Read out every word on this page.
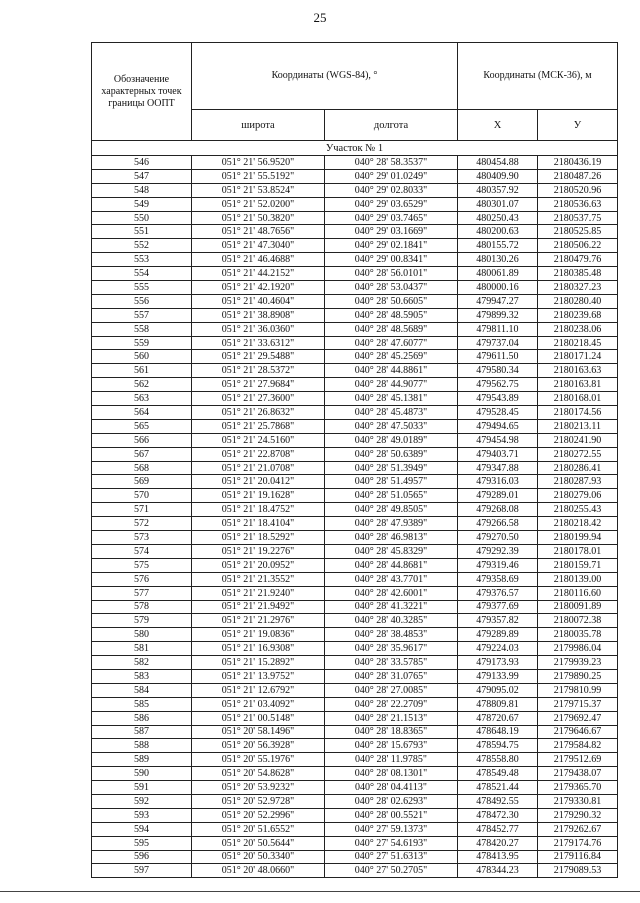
25
Обозначение характерных точек границы ООПТ	Координаты (WGS-84), °		Координаты (МСК-36), м	
	широта	долгота	X	У
Участок № 1				
546	051° 21' 56.9520"	040° 28' 58.3537"	480454.88	2180436.19
547	051° 21' 55.5192"	040° 29' 01.0249"	480409.90	2180487.26
548	051° 21' 53.8524"	040° 29' 02.8033"	480357.92	2180520.96
549	051° 21' 52.0200"	040° 29' 03.6529"	480301.07	2180536.63
550	051° 21' 50.3820"	040° 29' 03.7465"	480250.43	2180537.75
551	051° 21' 48.7656"	040° 29' 03.1669"	480200.63	2180525.85
552	051° 21' 47.3040"	040° 29' 02.1841"	480155.72	2180506.22
553	051° 21' 46.4688"	040° 29' 00.8341"	480130.26	2180479.76
554	051° 21' 44.2152"	040° 28' 56.0101"	480061.89	2180385.48
555	051° 21' 42.1920"	040° 28' 53.0437"	480000.16	2180327.23
556	051° 21' 40.4604"	040° 28' 50.6605"	479947.27	2180280.40
557	051° 21' 38.8908"	040° 28' 48.5905"	479899.32	2180239.68
558	051° 21' 36.0360"	040° 28' 48.5689"	479811.10	2180238.06
559	051° 21' 33.6312"	040° 28' 47.6077"	479737.04	2180218.45
560	051° 21' 29.5488"	040° 28' 45.2569"	479611.50	2180171.24
561	051° 21' 28.5372"	040° 28' 44.8861"	479580.34	2180163.63
562	051° 21' 27.9684"	040° 28' 44.9077"	479562.75	2180163.81
563	051° 21' 27.3600"	040° 28' 45.1381"	479543.89	2180168.01
564	051° 21' 26.8632"	040° 28' 45.4873"	479528.45	2180174.56
565	051° 21' 25.7868"	040° 28' 47.5033"	479494.65	2180213.11
566	051° 21' 24.5160"	040° 28' 49.0189"	479454.98	2180241.90
567	051° 21' 22.8708"	040° 28' 50.6389"	479403.71	2180272.55
568	051° 21' 21.0708"	040° 28' 51.3949"	479347.88	2180286.41
569	051° 21' 20.0412"	040° 28' 51.4957"	479316.03	2180287.93
570	051° 21' 19.1628"	040° 28' 51.0565"	479289.01	2180279.06
571	051° 21' 18.4752"	040° 28' 49.8505"	479268.08	2180255.43
572	051° 21' 18.4104"	040° 28' 47.9389"	479266.58	2180218.42
573	051° 21' 18.5292"	040° 28' 46.9813"	479270.50	2180199.94
574	051° 21' 19.2276"	040° 28' 45.8329"	479292.39	2180178.01
575	051° 21' 20.0952"	040° 28' 44.8681"	479319.46	2180159.71
576	051° 21' 21.3552"	040° 28' 43.7701"	479358.69	2180139.00
577	051° 21' 21.9240"	040° 28' 42.6001"	479376.57	2180116.60
578	051° 21' 21.9492"	040° 28' 41.3221"	479377.69	2180091.89
579	051° 21' 21.2976"	040° 28' 40.3285"	479357.82	2180072.38
580	051° 21' 19.0836"	040° 28' 38.4853"	479289.89	2180035.78
581	051° 21' 16.9308"	040° 28' 35.9617"	479224.03	2179986.04
582	051° 21' 15.2892"	040° 28' 33.5785"	479173.93	2179939.23
583	051° 21' 13.9752"	040° 28' 31.0765"	479133.99	2179890.25
584	051° 21' 12.6792"	040° 28' 27.0085"	479095.02	2179810.99
585	051° 21' 03.4092"	040° 28' 22.2709"	478809.81	2179715.37
586	051° 21' 00.5148"	040° 28' 21.1513"	478720.67	2179692.47
587	051° 20' 58.1496"	040° 28' 18.8365"	478648.19	2179646.67
588	051° 20' 56.3928"	040° 28' 15.6793"	478594.75	2179584.82
589	051° 20' 55.1976"	040° 28' 11.9785"	478558.80	2179512.69
590	051° 20' 54.8628"	040° 28' 08.1301"	478549.48	2179438.07
591	051° 20' 53.9232"	040° 28' 04.4113"	478521.44	2179365.70
592	051° 20' 52.9728"	040° 28' 02.6293"	478492.55	2179330.81
593	051° 20' 52.2996"	040° 28' 00.5521"	478472.30	2179290.32
594	051° 20' 51.6552"	040° 27' 59.1373"	478452.77	2179262.67
595	051° 20' 50.5644"	040° 27' 54.6193"	478420.27	2179174.76
596	051° 20' 50.3340"	040° 27' 51.6313"	478413.95	2179116.84
597	051° 20' 48.0660"	040° 27' 50.2705"	478344.23	2179089.53
